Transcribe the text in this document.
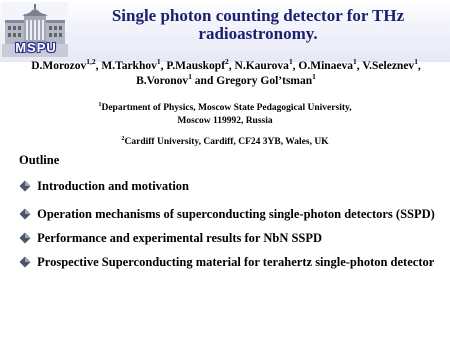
MSPU
Single photon counting detector for THz radioastronomy.
D.Morozov$^{1,2}$, M.Tarkhov$^1$, P.Mauskopf$^2$, N.Kaurova$^1$, O.Minaeva$^1$, V.Seleznev$^1$,
B.Voronov$^1$ and Gregory Gol’tsman$^1$
$^1$Department of Physics, Moscow State Pedagogical University,
Moscow 119992, Russia
$^2$Cardiff University, Cardiff, CF24 3YB, Wales, UK
Outline
Introduction and motivation
Operation mechanisms of superconducting single-photon detectors (SSPD)
Performance and experimental results for NbN SSPD
Prospective Superconducting material for terahertz single-photon detector
